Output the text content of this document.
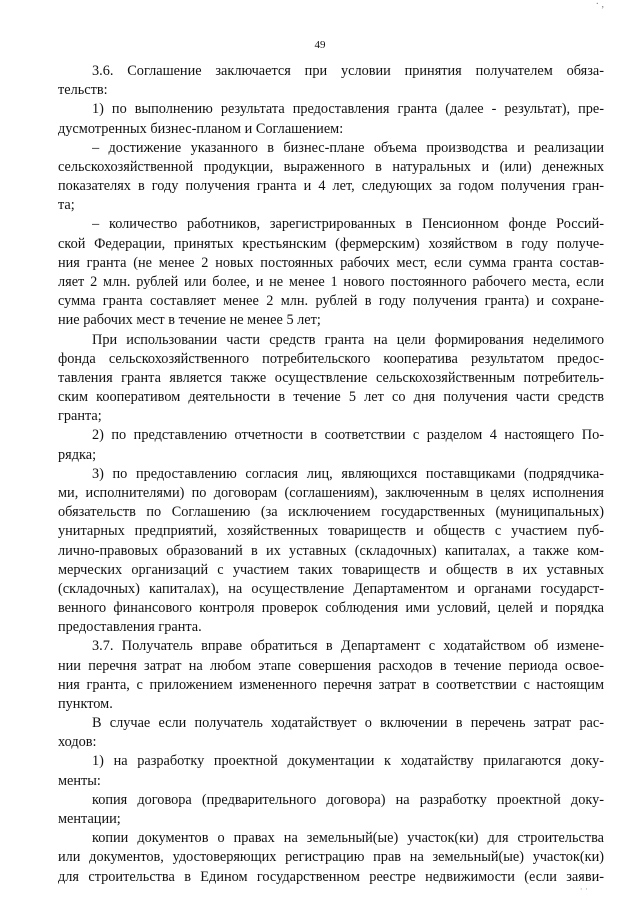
· ,
49
3.6. Соглашение заключается при условии принятия получателем обяза-
тельств:
1) по выполнению результата предоставления гранта (далее - результат), пре-
дусмотренных бизнес-планом и Соглашением:
– достижение указанного в бизнес-плане объема производства и реализации
сельскохозяйственной продукции, выраженного в натуральных и (или) денежных
показателях в году получения гранта и 4 лет, следующих за годом получения гран-
та;
– количество работников, зарегистрированных в Пенсионном фонде Россий-
ской Федерации, принятых крестьянским (фермерским) хозяйством в году получе-
ния гранта (не менее 2 новых постоянных рабочих мест, если сумма гранта состав-
ляет 2 млн. рублей или более, и не менее 1 нового постоянного рабочего места, если
сумма гранта составляет менее 2 млн. рублей в году получения гранта) и сохране-
ние рабочих мест в течение не менее 5 лет;
При использовании части средств гранта на цели формирования неделимого
фонда сельскохозяйственного потребительского кооператива результатом предос-
тавления гранта является также осуществление сельскохозяйственным потребитель-
ским кооперативом деятельности в течение 5 лет со дня получения части средств
гранта;
2) по представлению отчетности в соответствии с разделом 4 настоящего По-
рядка;
3) по предоставлению согласия лиц, являющихся поставщиками (подрядчика-
ми, исполнителями) по договорам (соглашениям), заключенным в целях исполнения
обязательств по Соглашению (за исключением государственных (муниципальных)
унитарных предприятий, хозяйственных товариществ и обществ с участием пуб-
лично-правовых образований в их уставных (складочных) капиталах, а также ком-
мерческих организаций с участием таких товариществ и обществ в их уставных
(складочных) капиталах), на осуществление Департаментом и органами государст-
венного финансового контроля проверок соблюдения ими условий, целей и порядка
предоставления гранта.
3.7. Получатель вправе обратиться в Департамент с ходатайством об измене-
нии перечня затрат на любом этапе совершения расходов в течение периода освое-
ния гранта, с приложением измененного перечня затрат в соответствии с настоящим
пунктом.
В случае если получатель ходатайствует о включении в перечень затрат рас-
ходов:
1) на разработку проектной документации к ходатайству прилагаются доку-
менты:
копия договора (предварительного договора) на разработку проектной доку-
ментации;
копии документов о правах на земельный(ые) участок(ки) для строительства
или документов, удостоверяющих регистрацию прав на земельный(ые) участок(ки)
для строительства в Едином государственном реестре недвижимости (если заяви-
· ·
